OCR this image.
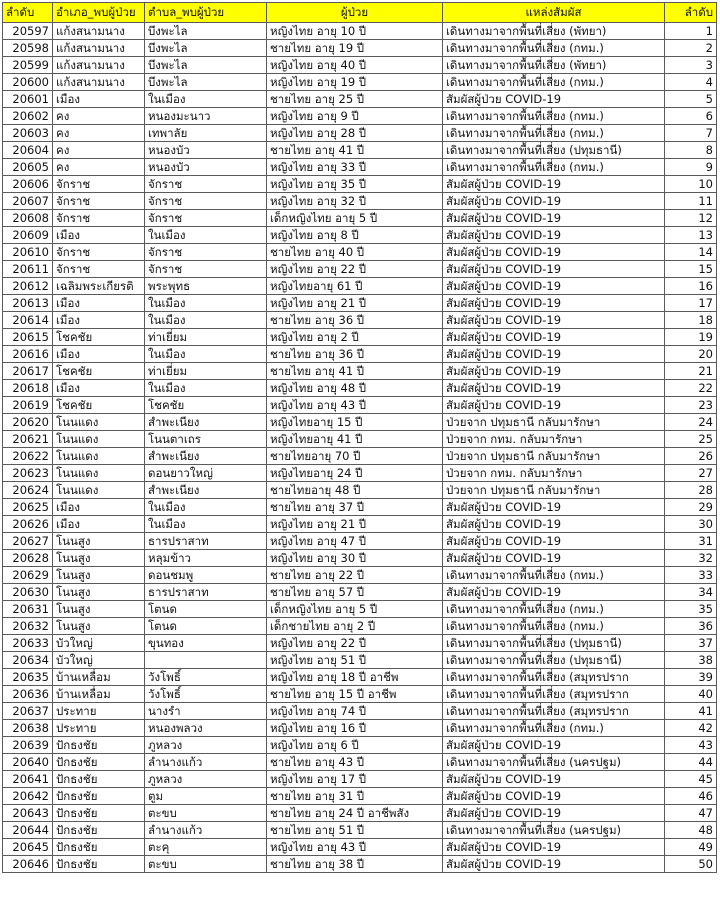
ลำดับ	อำเภอ_พบผู้ป่วย	ตำบล_พบผู้ป่วย	ผู้ป่วย	แหล่งสัมผัส	ลำดับ
20597	แก้งสนามนาง	บึงพะไล	หญิงไทย อายุ 10 ปี	เดินทางมาจากพื้นที่เสี่ยง (พัทยา)	1
20598	แก้งสนามนาง	บึงพะไล	ชายไทย อายุ 19 ปี	เดินทางมาจากพื้นที่เสี่ยง (กทม.)	2
20599	แก้งสนามนาง	บึงพะไล	หญิงไทย อายุ 40 ปี	เดินทางมาจากพื้นที่เสี่ยง (พัทยา)	3
20600	แก้งสนามนาง	บึงพะไล	หญิงไทย อายุ 19 ปี	เดินทางมาจากพื้นที่เสี่ยง (กทม.)	4
20601	เมือง	ในเมือง	ชายไทย อายุ 25 ปี	สัมผัสผู้ป่วย COVID-19	5
20602	คง	หนองมะนาว	หญิงไทย อายุ 9 ปี	เดินทางมาจากพื้นที่เสี่ยง (กทม.)	6
20603	คง	เทพาลัย	หญิงไทย อายุ 28 ปี	เดินทางมาจากพื้นที่เสี่ยง (กทม.)	7
20604	คง	หนองบัว	ชายไทย อายุ 41 ปี	เดินทางมาจากพื้นที่เสี่ยง (ปทุมธานี)	8
20605	คง	หนองบัว	หญิงไทย อายุ 33 ปี	เดินทางมาจากพื้นที่เสี่ยง (กทม.)	9
20606	จักราช	จักราช	หญิงไทย อายุ 35 ปี	สัมผัสผู้ป่วย COVID-19	10
20607	จักราช	จักราช	หญิงไทย อายุ 32 ปี	สัมผัสผู้ป่วย COVID-19	11
20608	จักราช	จักราช	เด็กหญิงไทย อายุ 5 ปี	สัมผัสผู้ป่วย COVID-19	12
20609	เมือง	ในเมือง	หญิงไทย อายุ 8 ปี	สัมผัสผู้ป่วย COVID-19	13
20610	จักราช	จักราช	ชายไทย อายุ 40 ปี	สัมผัสผู้ป่วย COVID-19	14
20611	จักราช	จักราช	หญิงไทย อายุ 22 ปี	สัมผัสผู้ป่วย COVID-19	15
20612	เฉลิมพระเกียรติ	พระพุทธ	หญิงไทยอายุ 61 ปี	สัมผัสผู้ป่วย COVID-19	16
20613	เมือง	ในเมือง	หญิงไทย อายุ 21 ปี	สัมผัสผู้ป่วย COVID-19	17
20614	เมือง	ในเมือง	ชายไทย อายุ 36 ปี	สัมผัสผู้ป่วย COVID-19	18
20615	โชคชัย	ท่าเยี่ยม	หญิงไทย อายุ 2 ปี	สัมผัสผู้ป่วย COVID-19	19
20616	เมือง	ในเมือง	ชายไทย อายุ 36 ปี	สัมผัสผู้ป่วย COVID-19	20
20617	โชคชัย	ท่าเยี่ยม	ชายไทย อายุ 41 ปี	สัมผัสผู้ป่วย COVID-19	21
20618	เมือง	ในเมือง	หญิงไทย อายุ 48 ปี	สัมผัสผู้ป่วย COVID-19	22
20619	โชคชัย	โชคชัย	หญิงไทย อายุ 43 ปี	สัมผัสผู้ป่วย COVID-19	23
20620	โนนแดง	สำพะเนียง	หญิงไทยอายุ 15 ปี	ป่วยจาก ปทุมธานี กลับมารักษา	24
20621	โนนแดง	โนนตาเถร	หญิงไทยอายุ 41 ปี	ป่วยจาก กทม. กลับมารักษา	25
20622	โนนแดง	สำพะเนียง	ชายไทยอายุ 70 ปี	ป่วยจาก ปทุมธานี กลับมารักษา	26
20623	โนนแดง	ดอนยาวใหญ่	หญิงไทยอายุ 24 ปี	ป่วยจาก กทม. กลับมารักษา	27
20624	โนนแดง	สำพะเนียง	ชายไทยอายุ 48 ปี	ป่วยจาก ปทุมธานี กลับมารักษา	28
20625	เมือง	ในเมือง	ชายไทย อายุ 37 ปี	สัมผัสผู้ป่วย COVID-19	29
20626	เมือง	ในเมือง	หญิงไทย อายุ 21 ปี	สัมผัสผู้ป่วย COVID-19	30
20627	โนนสูง	ธารปราสาท	หญิงไทย อายุ 47 ปี	สัมผัสผู้ป่วย COVID-19	31
20628	โนนสูง	หลุมข้าว	หญิงไทย อายุ 30 ปี	สัมผัสผู้ป่วย COVID-19	32
20629	โนนสูง	ดอนชมพู	ชายไทย อายุ 22 ปี	เดินทางมาจากพื้นที่เสี่ยง (กทม.)	33
20630	โนนสูง	ธารปราสาท	ชายไทย อายุ 57 ปี	สัมผัสผู้ป่วย COVID-19	34
20631	โนนสูง	โตนด	เด็กหญิงไทย อายุ 5 ปี	เดินทางมาจากพื้นที่เสี่ยง (กทม.)	35
20632	โนนสูง	โตนด	เด็กชายไทย อายุ 2 ปี	เดินทางมาจากพื้นที่เสี่ยง (กทม.)	36
20633	บัวใหญ่	ขุนทอง	หญิงไทย อายุ 22 ปี	เดินทางมาจากพื้นที่เสี่ยง (ปทุมธานี)	37
20634	บัวใหญ่		หญิงไทย อายุ 51 ปี	เดินทางมาจากพื้นที่เสี่ยง (ปทุมธานี)	38
20635	บ้านเหลื่อม	วังโพธิ์	หญิงไทย อายุ 18 ปี อาชีพ	เดินทางมาจากพื้นที่เสี่ยง (สมุทรปราก	39
20636	บ้านเหลื่อม	วังโพธิ์	ชายไทย อายุ 15 ปี อาชีพ	เดินทางมาจากพื้นที่เสี่ยง (สมุทรปราก	40
20637	ประทาย	นางรำ	หญิงไทย อายุ 74 ปี	เดินทางมาจากพื้นที่เสี่ยง (สมุทรปราก	41
20638	ประทาย	หนองพลวง	หญิงไทย อายุ 16 ปี	เดินทางมาจากพื้นที่เสี่ยง (กทม.)	42
20639	ปักธงชัย	ภูหลวง	หญิงไทย อายุ 6 ปี	สัมผัสผู้ป่วย COVID-19	43
20640	ปักธงชัย	ลำนางแก้ว	ชายไทย อายุ 43 ปี	เดินทางมาจากพื้นที่เสี่ยง (นครปฐม)	44
20641	ปักธงชัย	ภูหลวง	หญิงไทย อายุ 17 ปี	สัมผัสผู้ป่วย COVID-19	45
20642	ปักธงชัย	ตูม	ชายไทย อายุ 31 ปี	สัมผัสผู้ป่วย COVID-19	46
20643	ปักธงชัย	ตะขบ	ชายไทย อายุ 24 ปี อาชีพสัง	สัมผัสผู้ป่วย COVID-19	47
20644	ปักธงชัย	ลำนางแก้ว	ชายไทย อายุ 51 ปี	เดินทางมาจากพื้นที่เสี่ยง (นครปฐม)	48
20645	ปักธงชัย	ตะคุ	หญิงไทย อายุ 43 ปี	สัมผัสผู้ป่วย COVID-19	49
20646	ปักธงชัย	ตะขบ	ชายไทย อายุ 38 ปี	สัมผัสผู้ป่วย COVID-19	50
